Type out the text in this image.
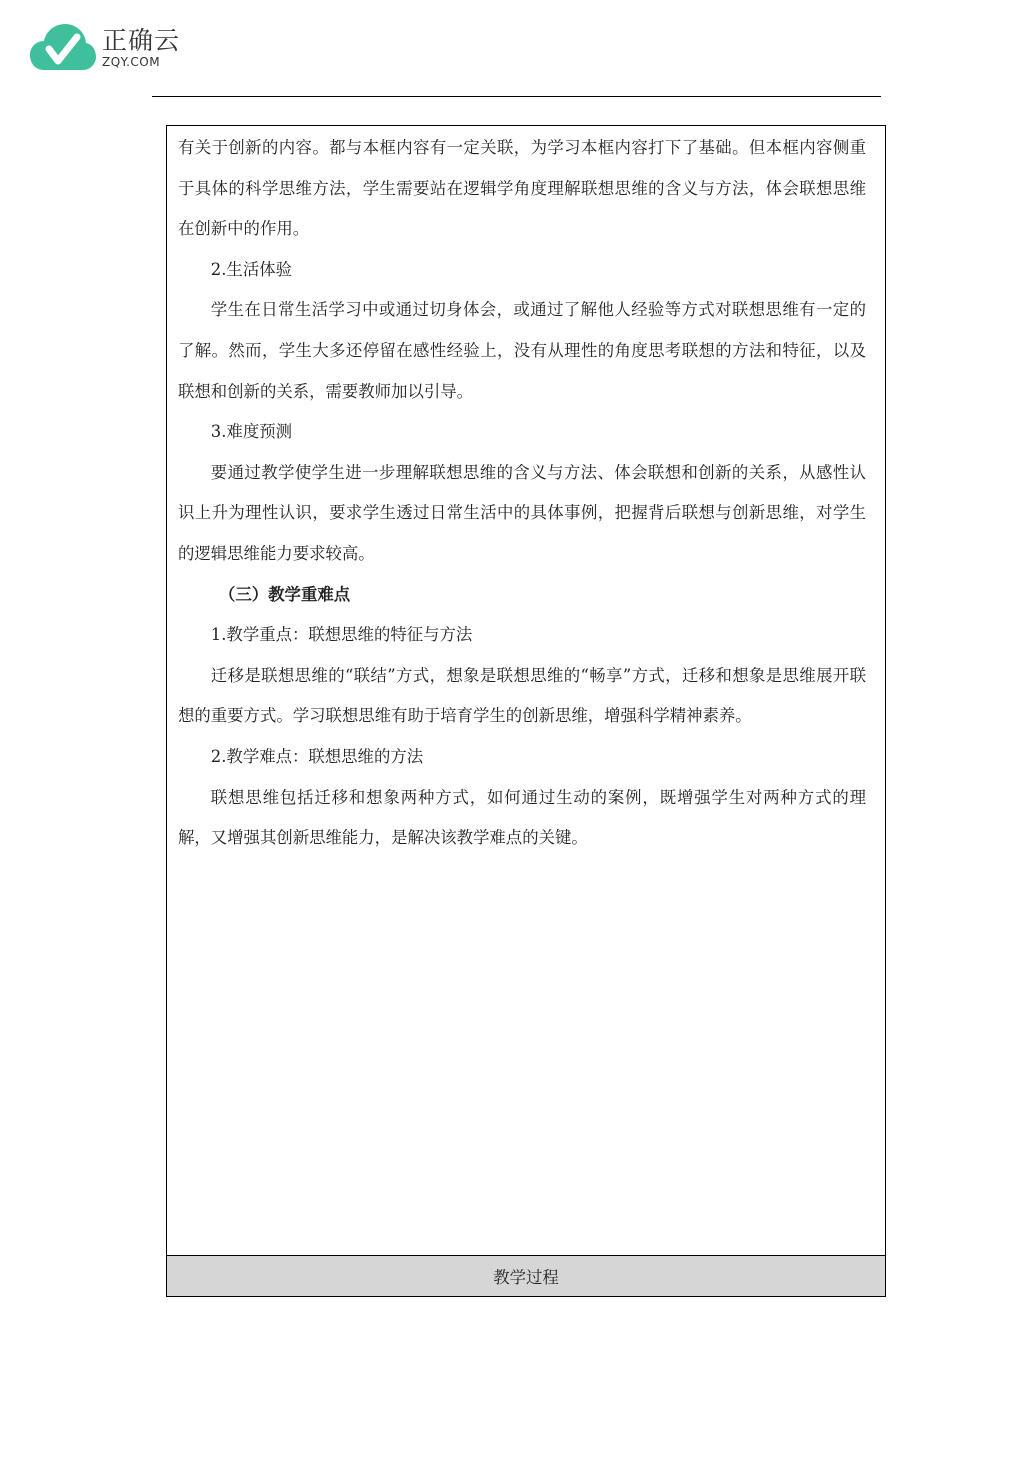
正确云
ZQY.COM

有关于创新的内容。都与本框内容有一定关联，为学习本框内容打下了基础。但本框内容侧重于具体的科学思维方法，学生需要站在逻辑学角度理解联想思维的含义与方法，体会联想思维在创新中的作用。

2.生活体验

学生在日常生活学习中或通过切身体会，或通过了解他人经验等方式对联想思维有一定的了解。然而，学生大多还停留在感性经验上，没有从理性的角度思考联想的方法和特征，以及联想和创新的关系，需要教师加以引导。

3.难度预测

要通过教学使学生进一步理解联想思维的含义与方法、体会联想和创新的关系，从感性认识上升为理性认识，要求学生透过日常生活中的具体事例，把握背后联想与创新思维，对学生的逻辑思维能力要求较高。

（三）教学重难点

1.教学重点：联想思维的特征与方法

迁移是联想思维的“联结”方式，想象是联想思维的“畅享”方式，迁移和想象是思维展开联想的重要方式。学习联想思维有助于培育学生的创新思维，增强科学精神素养。

2.教学难点：联想思维的方法

联想思维包括迁移和想象两种方式，如何通过生动的案例，既增强学生对两种方式的理解，又增强其创新思维能力，是解决该教学难点的关键。

教学过程
